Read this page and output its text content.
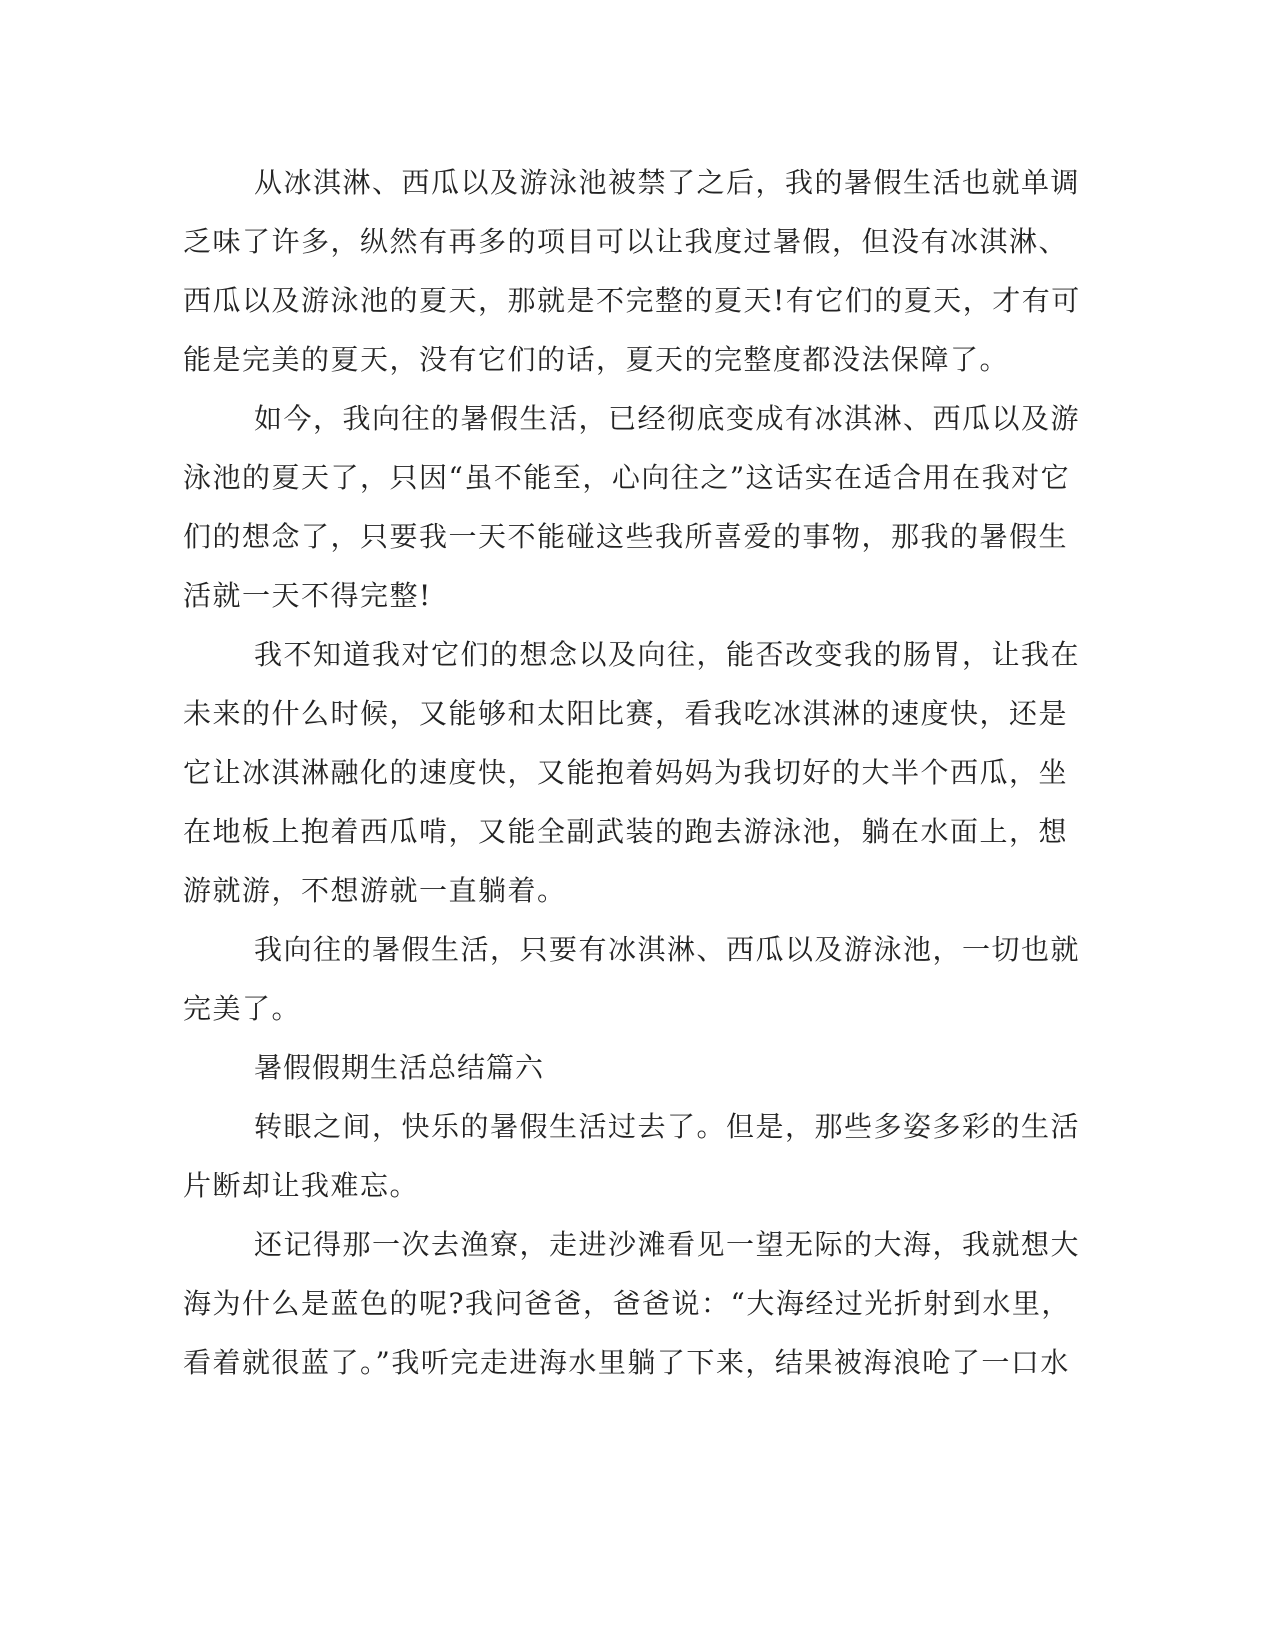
从冰淇淋、西瓜以及游泳池被禁了之后，我的暑假生活也就单调
乏味了许多，纵然有再多的项目可以让我度过暑假，但没有冰淇淋、
西瓜以及游泳池的夏天，那就是不完整的夏天!有它们的夏天，才有可
能是完美的夏天，没有它们的话，夏天的完整度都没法保障了。

如今，我向往的暑假生活，已经彻底变成有冰淇淋、西瓜以及游
泳池的夏天了，只因“虽不能至，心向往之”这话实在适合用在我对它
们的想念了，只要我一天不能碰这些我所喜爱的事物，那我的暑假生
活就一天不得完整!

我不知道我对它们的想念以及向往，能否改变我的肠胃，让我在
未来的什么时候，又能够和太阳比赛，看我吃冰淇淋的速度快，还是
它让冰淇淋融化的速度快，又能抱着妈妈为我切好的大半个西瓜，坐
在地板上抱着西瓜啃，又能全副武装的跑去游泳池，躺在水面上，想
游就游，不想游就一直躺着。

我向往的暑假生活，只要有冰淇淋、西瓜以及游泳池，一切也就
完美了。

暑假假期生活总结篇六

转眼之间，快乐的暑假生活过去了。但是，那些多姿多彩的生活
片断却让我难忘。

还记得那一次去渔寮，走进沙滩看见一望无际的大海，我就想大
海为什么是蓝色的呢?我问爸爸，爸爸说：“大海经过光折射到水里，
看着就很蓝了。”我听完走进海水里躺了下来，结果被海浪呛了一口水
